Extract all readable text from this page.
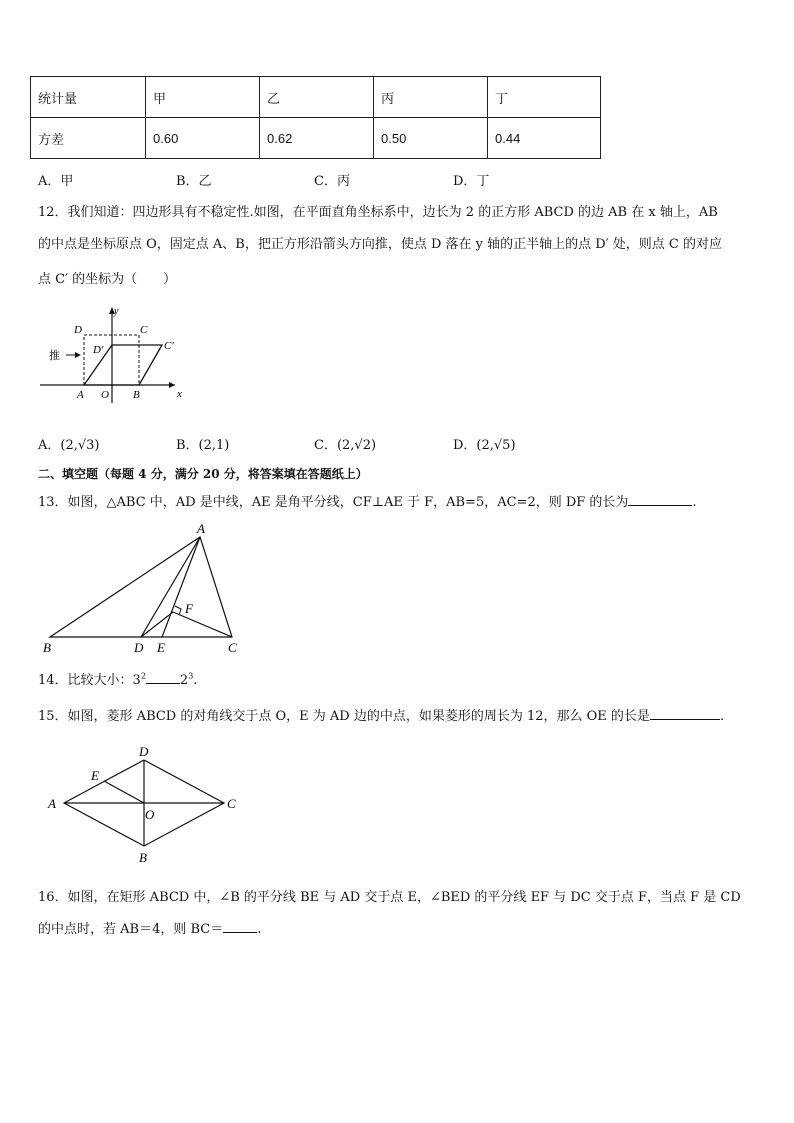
统计量	甲	乙	丙	丁
方差	0.60	0.62	0.50	0.44
A．甲	B．乙	C．丙	D．丁
12．我们知道：四边形具有不稳定性.如图，在平面直角坐标系中，边长为 2 的正方形 ABCD 的边 AB 在 x 轴上，AB
的中点是坐标原点 O，固定点 A、B，把正方形沿箭头方向推，使点 D 落在 y 轴的正半轴上的点 D′ 处，则点 C 的对应
点 C′ 的坐标为（　　）
y
x
D	C
D′	C′
A O B
推
A．(2,√3)	B．(2,1)	C．(2,√2)	D．(2,√5)
二、填空题（每题 4 分，满分 20 分，将答案填在答题纸上）
13．如图，△ABC 中，AD 是中线，AE 是角平分线，CF⊥AE 于 F，AB=5，AC=2，则 DF 的长为	.
A
B	C
D E
F
14．比较大小：$3^2$	$2^3$.
15．如图，菱形 ABCD 的对角线交于点 O，E 为 AD 边的中点，如果菱形的周长为 12，那么 OE 的长是	.
A
D
C
B
E
O
16．如图，在矩形 ABCD 中，∠B 的平分线 BE 与 AD 交于点 E，∠BED 的平分线 EF 与 DC 交于点 F，当点 F 是 CD
的中点时，若 AB＝4，则 BC＝	.
